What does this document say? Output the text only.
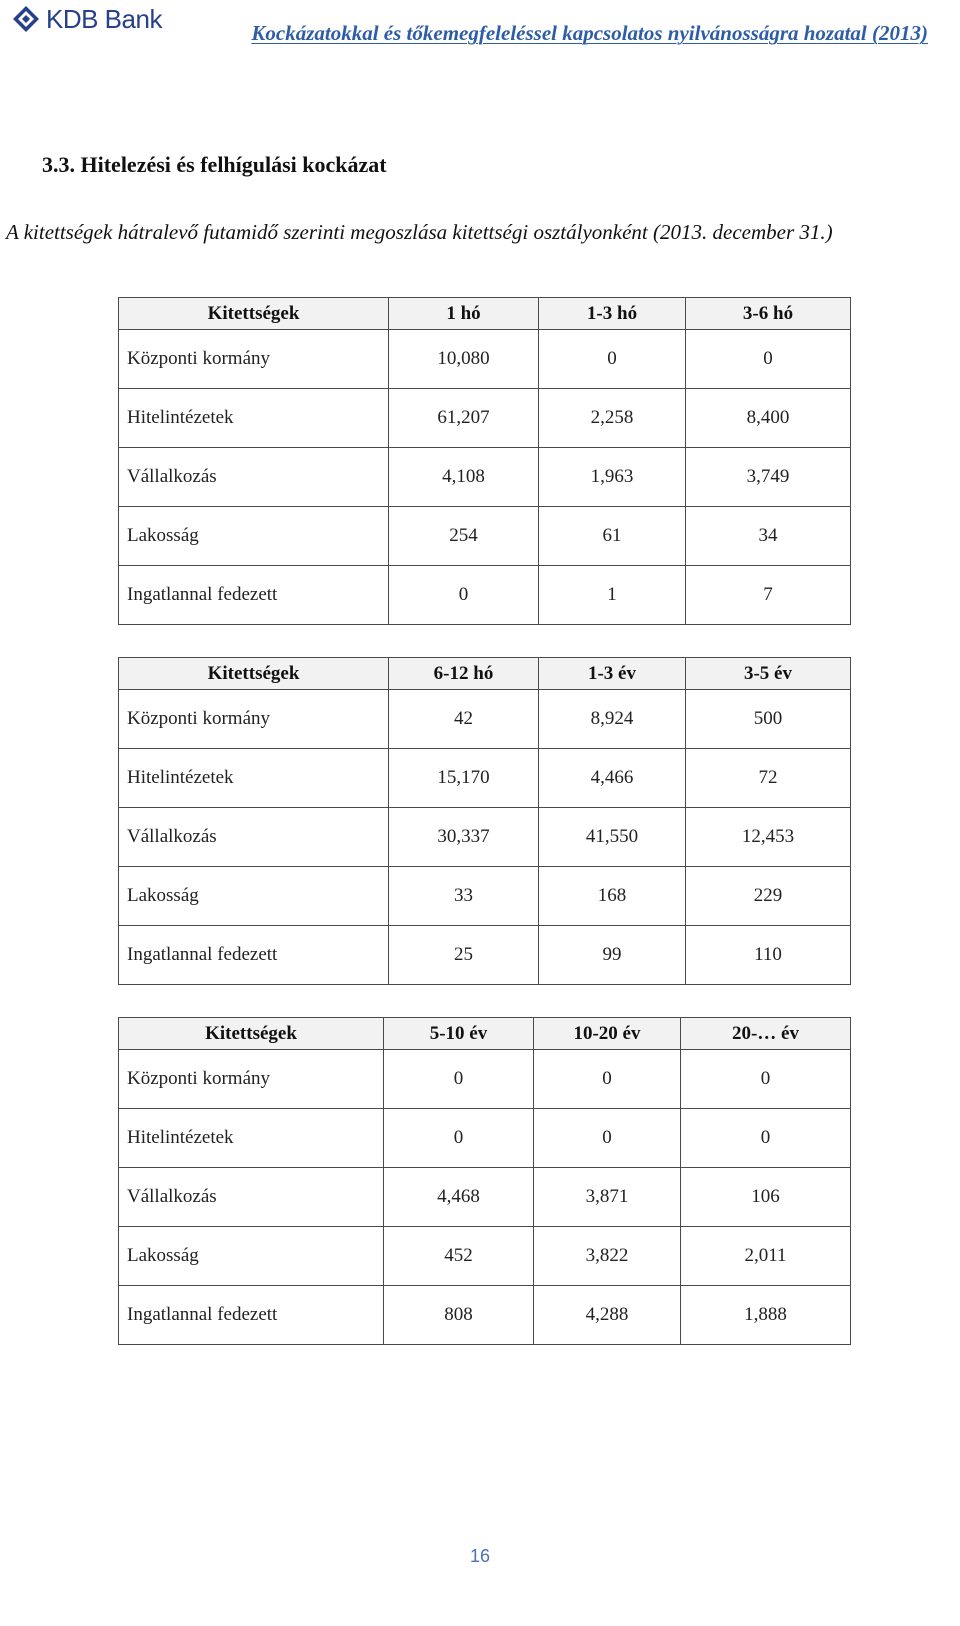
KDB Bank	Kockázatokkal és tőkemegfeleléssel kapcsolatos nyilvánosságra hozatal (2013)
3.3. Hitelezési és felhígulási kockázat

A kitettségek hátralevő futamidő szerinti megoszlása kitettségi osztályonként (2013. december 31.)

Kitettségek	1 hó	1-3 hó	3-6 hó
Központi kormány	10,080	0	0
Hitelintézetek	61,207	2,258	8,400
Vállalkozás	4,108	1,963	3,749
Lakosság	254	61	34
Ingatlannal fedezett	0	1	7
Kitettségek	6-12 hó	1-3 év	3-5 év
Központi kormány	42	8,924	500
Hitelintézetek	15,170	4,466	72
Vállalkozás	30,337	41,550	12,453
Lakosság	33	168	229
Ingatlannal fedezett	25	99	110
Kitettségek	5-10 év	10-20 év	20-… év
Központi kormány	0	0	0
Hitelintézetek	0	0	0
Vállalkozás	4,468	3,871	106
Lakosság	452	3,822	2,011
Ingatlannal fedezett	808	4,288	1,888
16
